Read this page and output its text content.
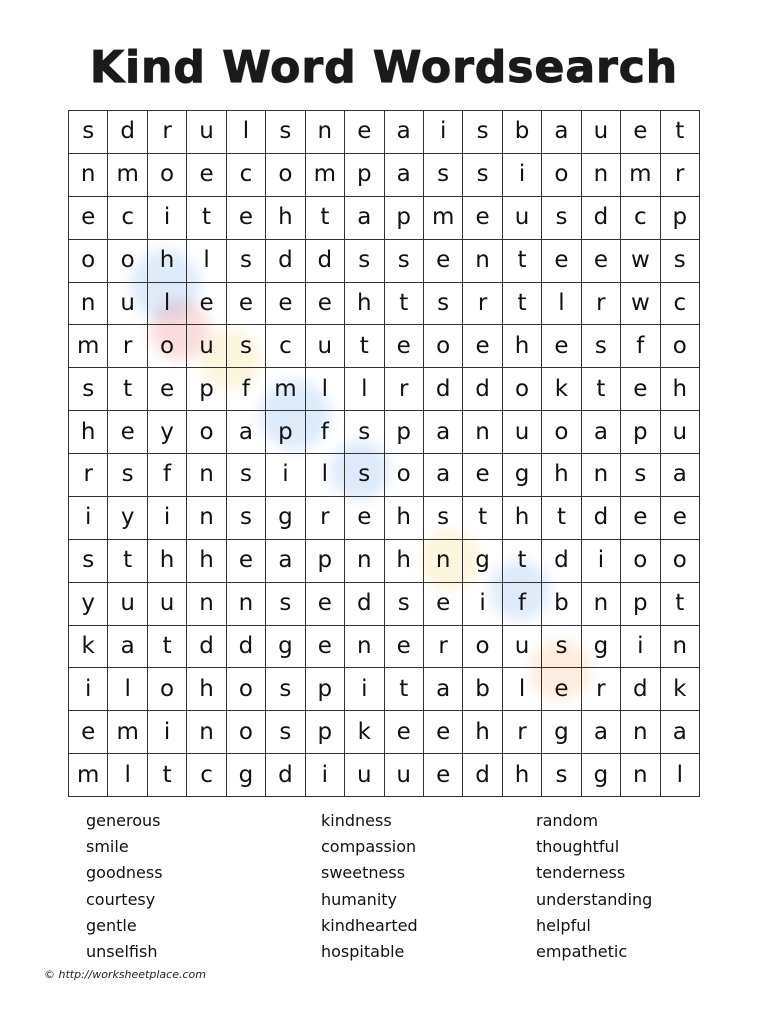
Kind Word Wordsearch
s	d	r	u	l	s	n	e	a	i	s	b	a	u	e	t
n m o	e	c	o m p	a	s	s	i	o	n m	r
e	c	i	t	e	h	t	a	p m e	u	s	d	c	p
o	o	h	l	s	d	d	s	s	e	n	t	e	e w	s
n	u	l	e	e	e	e	h	t	s	r	t	l	r	w	c
m	r	o	u	s	c	u	t	e	o	e	h	e	s	f	o
s	t	e	p	f	m	l	l	r	d	d	o	k	t	e	h
h	e	y	o	a	p	f	s	p	a	n	u	o	a	p	u
r	s	f	n	s	i	l	s	o	a	e	g	h	n	s	a
i	y	i	n	s	g	r	e	h	s	t	h	t	d	e	e
s	t	h	h	e	a	p	n	h	n	g	t	d	i	o	o
y	u	u	n	n	s	e	d	s	e	i	f	b	n	p	t
k	a	t	d	d	g	e	n	e	r	o	u	s	g	i	n
i	l	o	h	o	s	p	i	t	a	b	l	e	r	d	k
e m	i	n	o	s	p	k	e	e	h	r	g	a	n	a
m	l	t	c	g	d	i	u	u	e	d	h	s	g	n	l
generous
smile
goodness
courtesy
gentle
unselfish
kindness
compassion
sweetness
humanity
kindhearted
hospitable
random
thoughtful
tenderness
understanding
helpful
empathetic
© http://worksheetplace.com
